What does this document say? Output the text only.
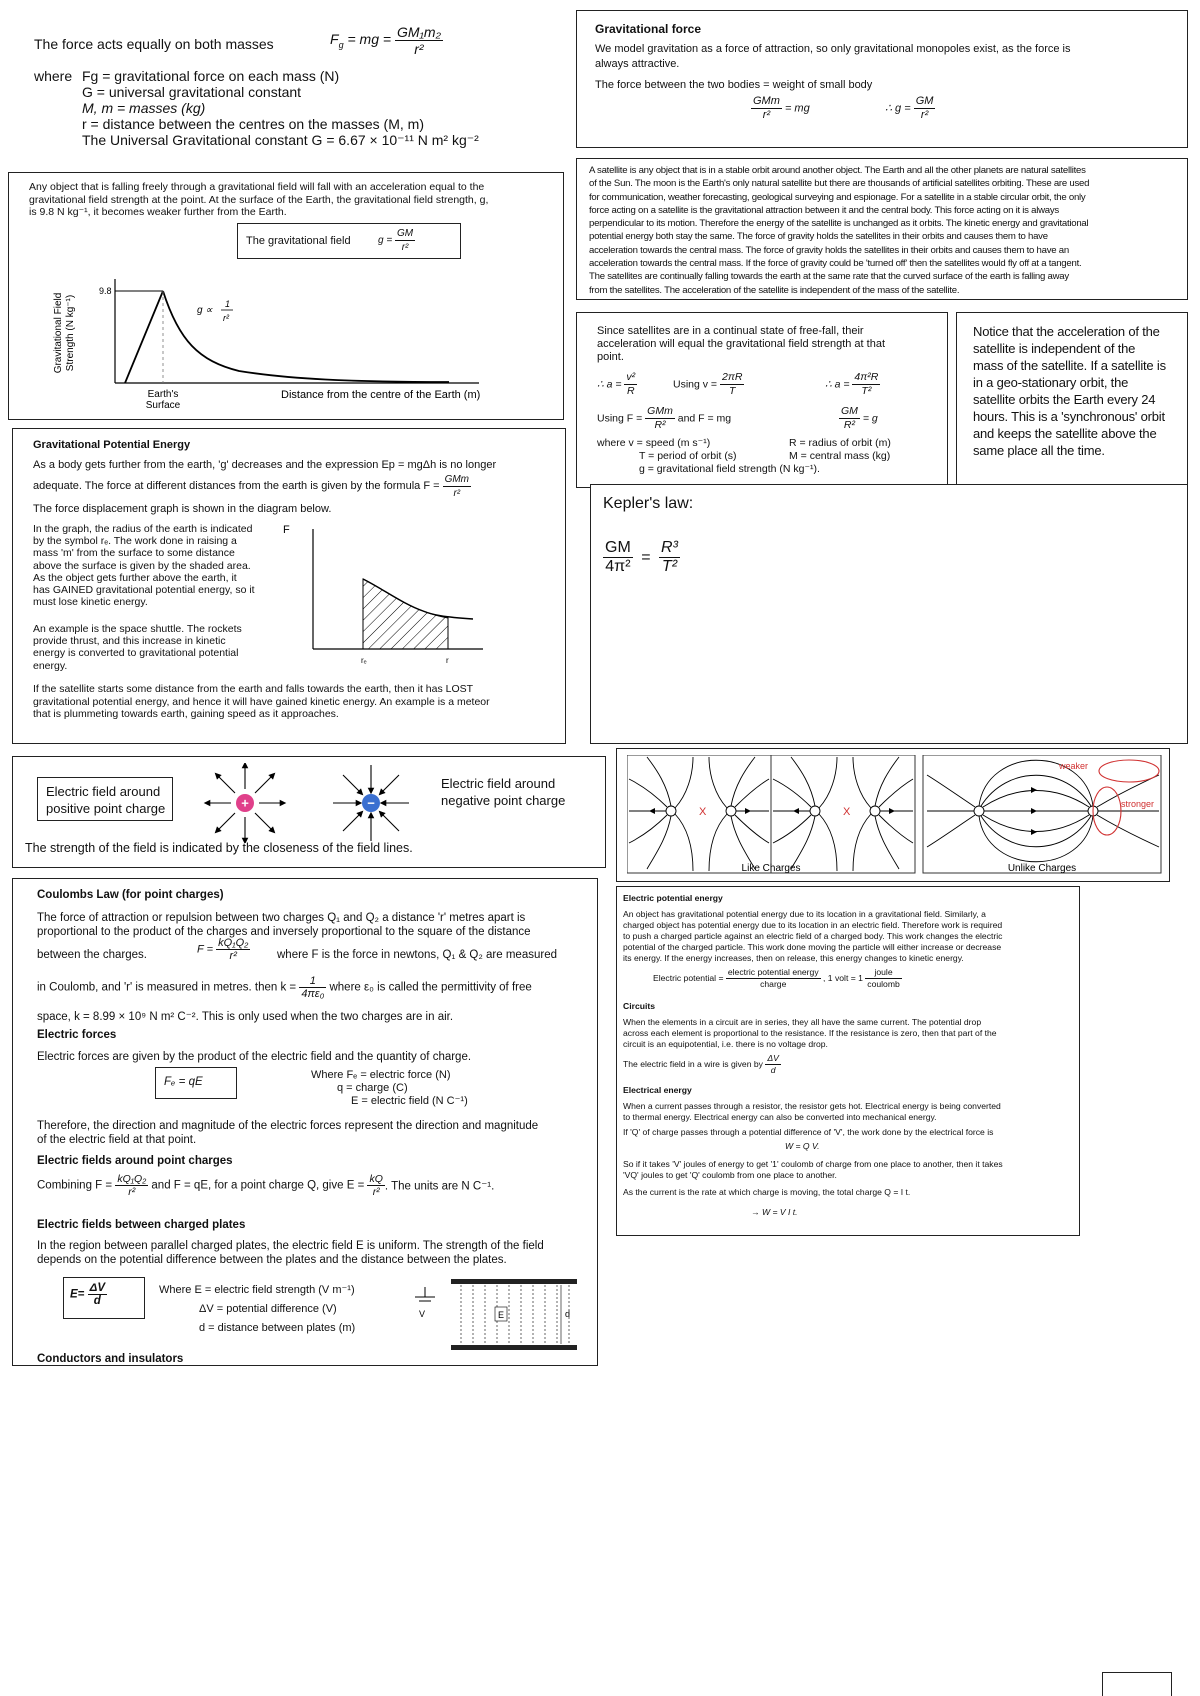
The force acts equally on both masses	$F_g$ = mg = $\frac{\text{GM₁m₂}}{\text{r²}}$
where Fɡ = gravitational force on each mass (N)

G = universal gravitational constant

M, m = masses (kg)

r = distance between the centres on the masses (M, m)

The Universal Gravitational constant G = 6.67 × 10⁻¹¹ N m² kg⁻²

Gravitational force
We model gravitation as a force of attraction, so only gravitational monopoles exist, as the force is
always attractive.
The force between the two bodies = weight of small body
GMm
r²
= mg	∴ $g = \frac{GM}{\text{r²}}$

Any object that is falling freely through a gravitational field will fall with an acceleration equal to the

gravitational field strength at the point. At the surface of the Earth, the gravitational field strength, g,

is 9.8 N kg⁻¹, it becomes weaker further from the Earth.

The gravitational field	$g = \frac{GM}{\text{r²}}$
Gravitational Field Strength (N kg⁻¹)
9.8
g ∝
1
r²
Earth's
Surface
Distance from the centre of the Earth (m)

A satellite is any object that is in a stable orbit around another object. The Earth and all the other planets are natural satellites

of the Sun. The moon is the Earth's only natural satellite but there are thousands of artificial satellites orbiting. These are used

for communication, weather forecasting, geological surveying and espionage. For a satellite in a stable circular orbit, the only

force acting on a satellite is the gravitational attraction between it and the central body. This force acting on it is always

perpendicular to its motion. Therefore the energy of the satellite is unchanged as it orbits. The kinetic energy and gravitational

potential energy both stay the same. The force of gravity holds the satellites in their orbits and causes them to have

acceleration towards the central mass. The force of gravity holds the satellites in their orbits and causes them to have an

acceleration towards the central mass. If the force of gravity could be 'turned off' then the satellites would fly off at a tangent.

The satellites are continually falling towards the earth at the same rate that the curved surface of the earth is falling away

from the satellites. The acceleration of the satellite is independent of the mass of the satellite.

Since satellites are in a continual state of free-fall, their

acceleration will equal the gravitational field strength at that

point.

∴ $a = \frac{\text{v²}}{R}$	Using $v = \frac{2\pi R}{T}$	∴ $a = \frac{\text{4π²R}}{\text{T²}}$
Using F =
GMm
R²
and F = mg	$\frac{GM}{\text{R²}} = g$
where v = speed (m s⁻¹)	R = radius of orbit (m)
T = period of orbit (s)	M = central mass (kg)
g = gravitational field strength (N kg⁻¹).

Notice that the acceleration of the

satellite is independent of the

mass of the satellite. If a satellite is

in a geo-stationary orbit, the

satellite orbits the Earth every 24

hours. This is a 'synchronous' orbit

and keeps the satellite above the

same place all the time.

Kepler's law:
$\frac{GM}{\text{4π²}} = \frac{\text{R³}}{\text{T²}}$
Gravitational Potential Energy
As a body gets further from the earth, 'g' decreases and the expression Ep = mgΔh is no longer
adequate. The force at different distances from the earth is given by the formula F =
GMm
r²
The force displacement graph is shown in the diagram below.

In the graph, the radius of the earth is indicated

by the symbol rₑ. The work done in raising a

mass 'm' from the surface to some distance

above the surface is given by the shaded area.

As the object gets further above the earth, it

has GAINED gravitational potential energy, so it

must lose kinetic energy.

An example is the space shuttle. The rockets

provide thrust, and this increase in kinetic

energy is converted to gravitational potential

energy.

If the satellite starts some distance from the earth and falls towards the earth, then it has LOST

gravitational potential energy, and hence it will have gained kinetic energy. An example is a meteor

that is plummeting towards earth, gaining speed as it approaches.

F
rₑ	r

Electric field around

positive point charge	+	−

Electric field around

negative point charge

The strength of the field is indicated by the closeness of the field lines.
X	X
weaker
stronger
Like Charges	Unlike Charges
Coulombs Law (for point charges)

The force of attraction or repulsion between two charges Q₁ and Q₂ a distance 'r' metres apart is

proportional to the product of the charges and inversely proportional to the square of the distance

between the charges.	$F = \frac{\text{kQ₁Q₂}}{\text{r²}}$ where F is the force in newtons, Q₁ & Q₂ are measured
in Coulomb, and 'r' is measured in metres. then $k = \frac{1}{\text{4πε₀}}$ where ε₀ is called the permittivity of free
space, k = 8.99 × 10⁹ N m² C⁻². This is only used when the two charges are in air.
Electric forces
Electric forces are given by the product of the electric field and the quantity of charge.
Fₑ = qE

Where Fₑ = electric force (N)

q = charge (C)

E = electric field (N C⁻¹)

Therefore, the direction and magnitude of the electric forces represent the direction and magnitude

of the electric field at that point.

Electric fields around point charges
Combining $F = \frac{\text{kQ₁Q₂}}{\text{r²}}$ and F = qE, for a point charge Q, give $E = \frac{kQ}{\text{r²}}$ . The units are N C⁻¹.
Electric fields between charged plates

In the region between parallel charged plates, the electric field E is uniform. The strength of the field

depends on the potential difference between the plates and the distance between the plates.

$E= \frac{\Delta V}{d}$	Where E = electric field strength (V m⁻¹)

ΔV = potential difference (V)

d = distance between plates (m)

V	E	d
Conductors and insulators
Electric potential energy

An object has gravitational potential energy due to its location in a gravitational field. Similarly, a

charged object has potential energy due to its location in an electric field. Therefore work is required

to push a charged particle against an electric field of a charged body. This work changes the electric

potential of the charged particle. This work done moving the particle will either increase or decrease

its energy. If the energy increases, then on release, this energy changes to kinetic energy.

Electric potential =
electric potential energy
charge
, 1 volt = 1
joule
coulomb
Circuits

When the elements in a circuit are in series, they all have the same current. The potential drop

across each element is proportional to the resistance. If the resistance is zero, then that part of the

circuit is an equipotential, i.e. there is no voltage drop.

The electric field in a wire is given by $\frac{\Delta V}{d}$
Electrical energy

When a current passes through a resistor, the resistor gets hot. Electrical energy is being converted

to thermal energy. Electrical energy can also be converted into mechanical energy.

If 'Q' of charge passes through a potential difference of 'V', the work done by the electrical force is
W = Q V.

So if it takes 'V' joules of energy to get '1' coulomb of charge from one place to another, then it takes

'VQ' joules to get 'Q' coulomb from one place to another.

As the current is the rate at which charge is moving, the total charge Q = I t.
→ W = V I t.
